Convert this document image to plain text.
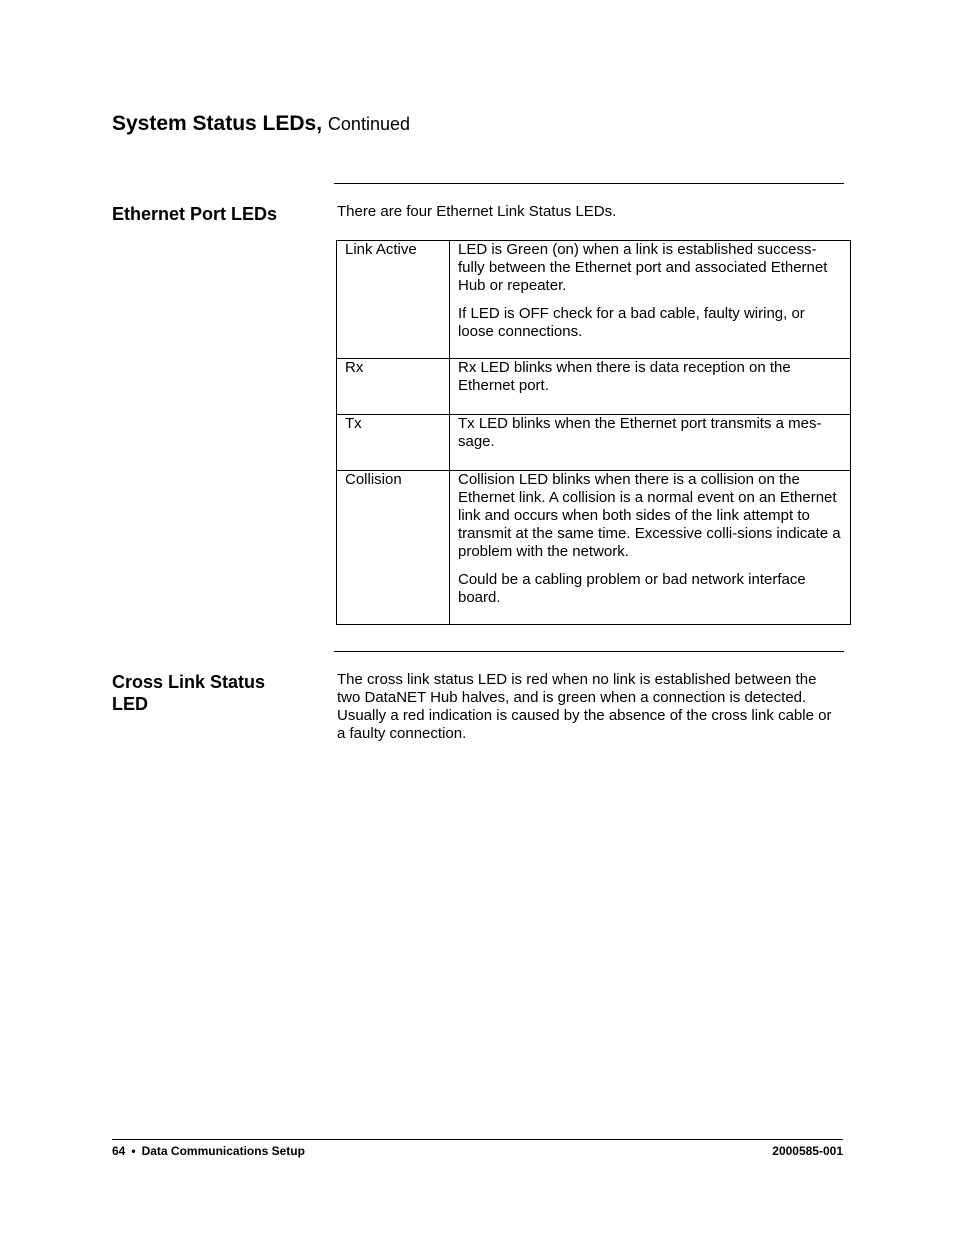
System Status LEDs, Continued
Ethernet Port LEDs	There are four Ethernet Link Status LEDs.
Link Active	LED is Green (on) when a link is established success-fully between the Ethernet port and associated Ethernet Hub or repeater.

If LED is OFF check for a bad cable, faulty wiring, or loose connections.

Rx	Rx LED blinks when there is data reception on the Ethernet port.

Tx	Tx LED blinks when the Ethernet port transmits a mes-sage.

Collision	Collision LED blinks when there is a collision on the Ethernet link. A collision is a normal event on an Ethernet link and occurs when both sides of the link attempt to transmit at the same time. Excessive colli-sions indicate a problem with the network.

Could be a cabling problem or bad network interface board.

Cross Link Status LED
The cross link status LED is red when no link is established between the two DataNET Hub halves, and is green when a connection is detected. Usually a red indication is caused by the absence of the cross link cable or a faulty connection.
64 • Data Communications Setup	2000585-001
